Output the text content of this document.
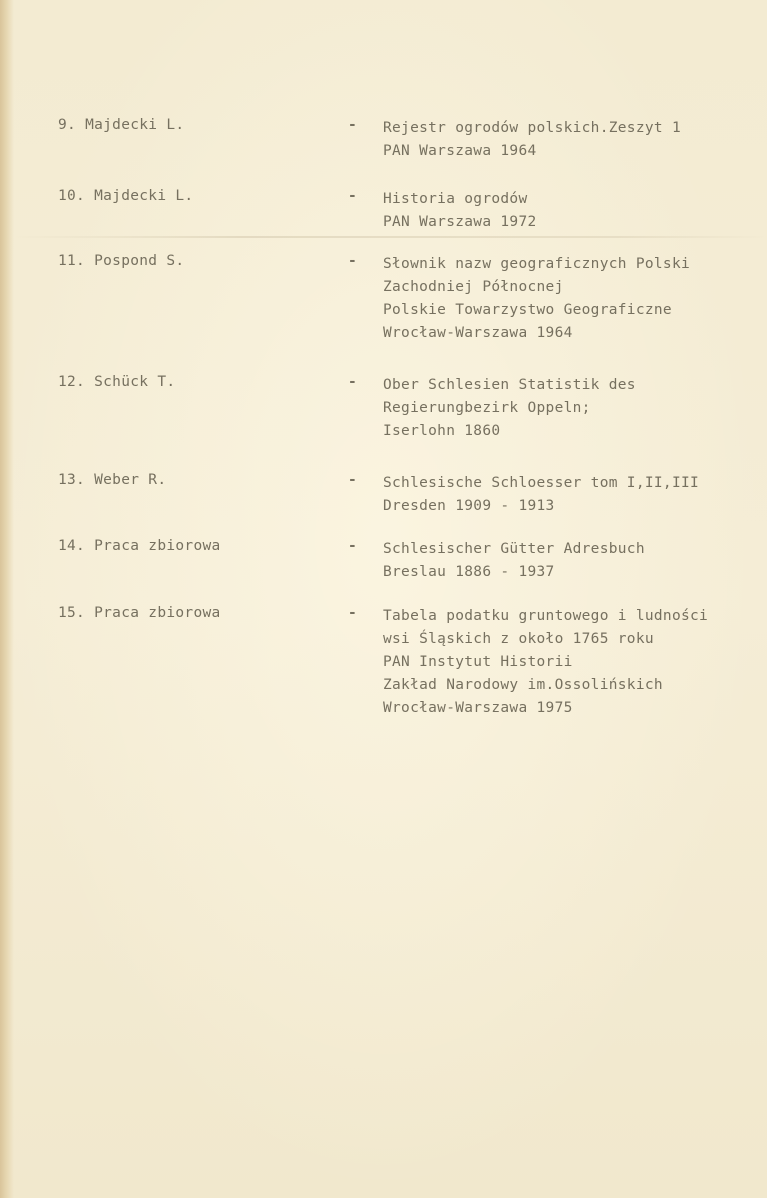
9. Majdecki L.	- Rejestr ogrodów polskich.Zeszyt 1
PAN Warszawa 1964
10. Majdecki L.	- Historia ogrodów
PAN Warszawa 1972
11. Pospond S.	- Słownik nazw geograficznych Polski
Zachodniej Północnej
Polskie Towarzystwo Geograficzne
Wrocław-Warszawa 1964
12. Schück T.	- Ober Schlesien Statistik des
Regierungbezirk Oppeln;
Iserlohn 1860
13. Weber R.	- Schlesische Schloesser tom I,II,III
Dresden 1909 - 1913
14. Praca zbiorowa	- Schlesischer Gütter Adresbuch
Breslau 1886 - 1937
15. Praca zbiorowa	- Tabela podatku gruntowego i ludności
wsi Śląskich z około 1765 roku
PAN Instytut Historii
Zakład Narodowy im.Ossolińskich
Wrocław-Warszawa 1975
